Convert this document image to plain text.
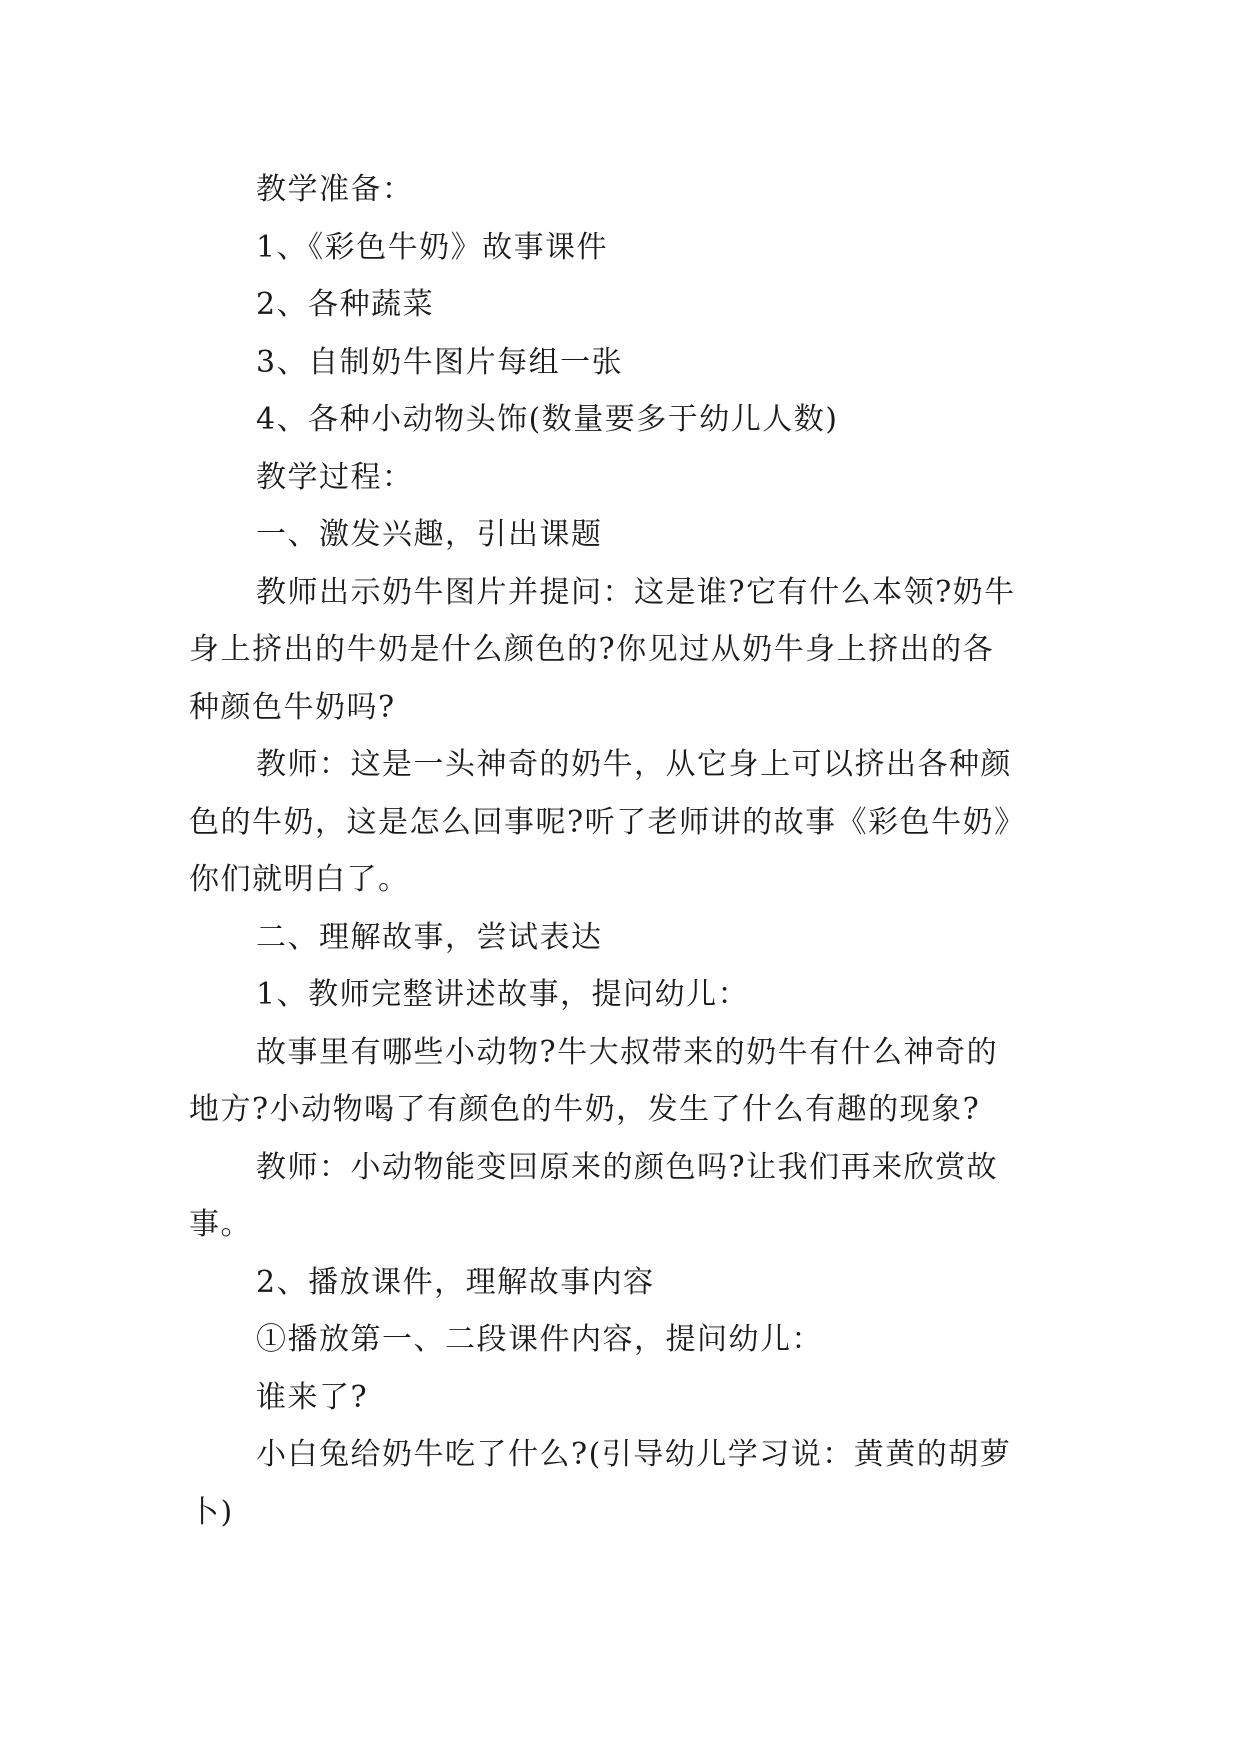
教学准备：
1、《彩色牛奶》故事课件
2、各种蔬菜
3、自制奶牛图片每组一张
4、各种小动物头饰(数量要多于幼儿人数)
教学过程：
一、激发兴趣，引出课题
教师出示奶牛图片并提问：这是谁?它有什么本领?奶牛
身上挤出的牛奶是什么颜色的?你见过从奶牛身上挤出的各
种颜色牛奶吗?
教师：这是一头神奇的奶牛，从它身上可以挤出各种颜
色的牛奶，这是怎么回事呢?听了老师讲的故事《彩色牛奶》
你们就明白了。
二、理解故事，尝试表达
1、教师完整讲述故事，提问幼儿：
故事里有哪些小动物?牛大叔带来的奶牛有什么神奇的
地方?小动物喝了有颜色的牛奶，发生了什么有趣的现象?
教师：小动物能变回原来的颜色吗?让我们再来欣赏故
事。
2、播放课件，理解故事内容
①播放第一、二段课件内容，提问幼儿：
谁来了?
小白兔给奶牛吃了什么?(引导幼儿学习说：黄黄的胡萝
卜)
